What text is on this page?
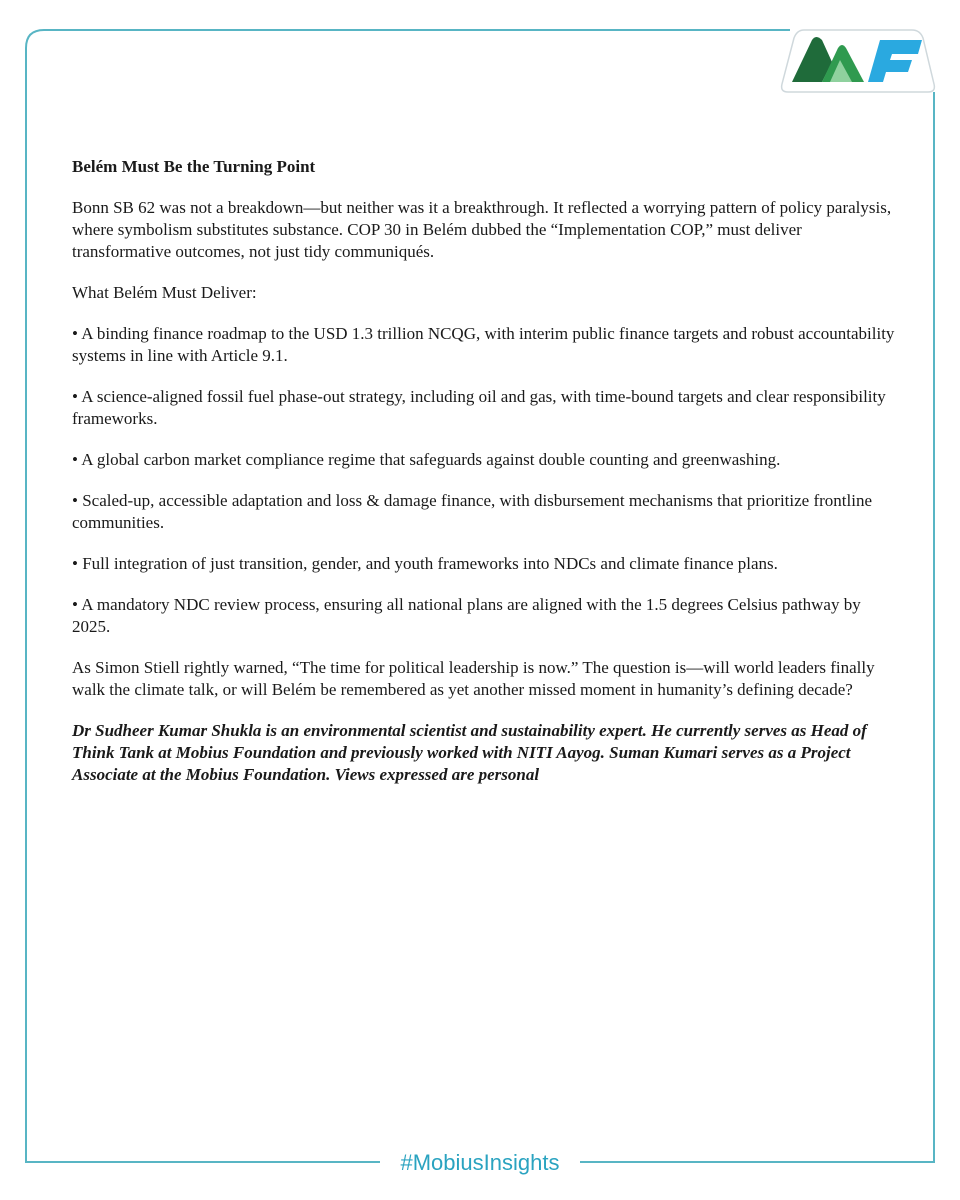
Belém Must Be the Turning Point

Bonn SB 62 was not a breakdown—but neither was it a breakthrough. It reflected a worrying pattern of policy paralysis, where symbolism substitutes substance. COP 30 in Belém dubbed the “Implementation COP,” must deliver transformative outcomes, not just tidy communiqués.

What Belém Must Deliver:

• A binding finance roadmap to the USD 1.3 trillion NCQG, with interim public finance targets and robust accountability systems in line with Article 9.1.

• A science-aligned fossil fuel phase-out strategy, including oil and gas, with time-bound targets and clear responsibility frameworks.

• A global carbon market compliance regime that safeguards against double counting and greenwashing.

• Scaled-up, accessible adaptation and loss & damage finance, with disbursement mechanisms that prioritize frontline communities.

• Full integration of just transition, gender, and youth frameworks into NDCs and climate finance plans.

• A mandatory NDC review process, ensuring all national plans are aligned with the 1.5 degrees Celsius pathway by 2025.

As Simon Stiell rightly warned, “The time for political leadership is now.” The question is—will world leaders finally walk the climate talk, or will Belém be remembered as yet another missed moment in humanity’s defining decade?

Dr Sudheer Kumar Shukla is an environmental scientist and sustainability expert. He currently serves as Head of Think Tank at Mobius Foundation and previously worked with NITI Aayog. Suman Kumari serves as a Project Associate at the Mobius Foundation. Views expressed are personal

#MobiusInsights
